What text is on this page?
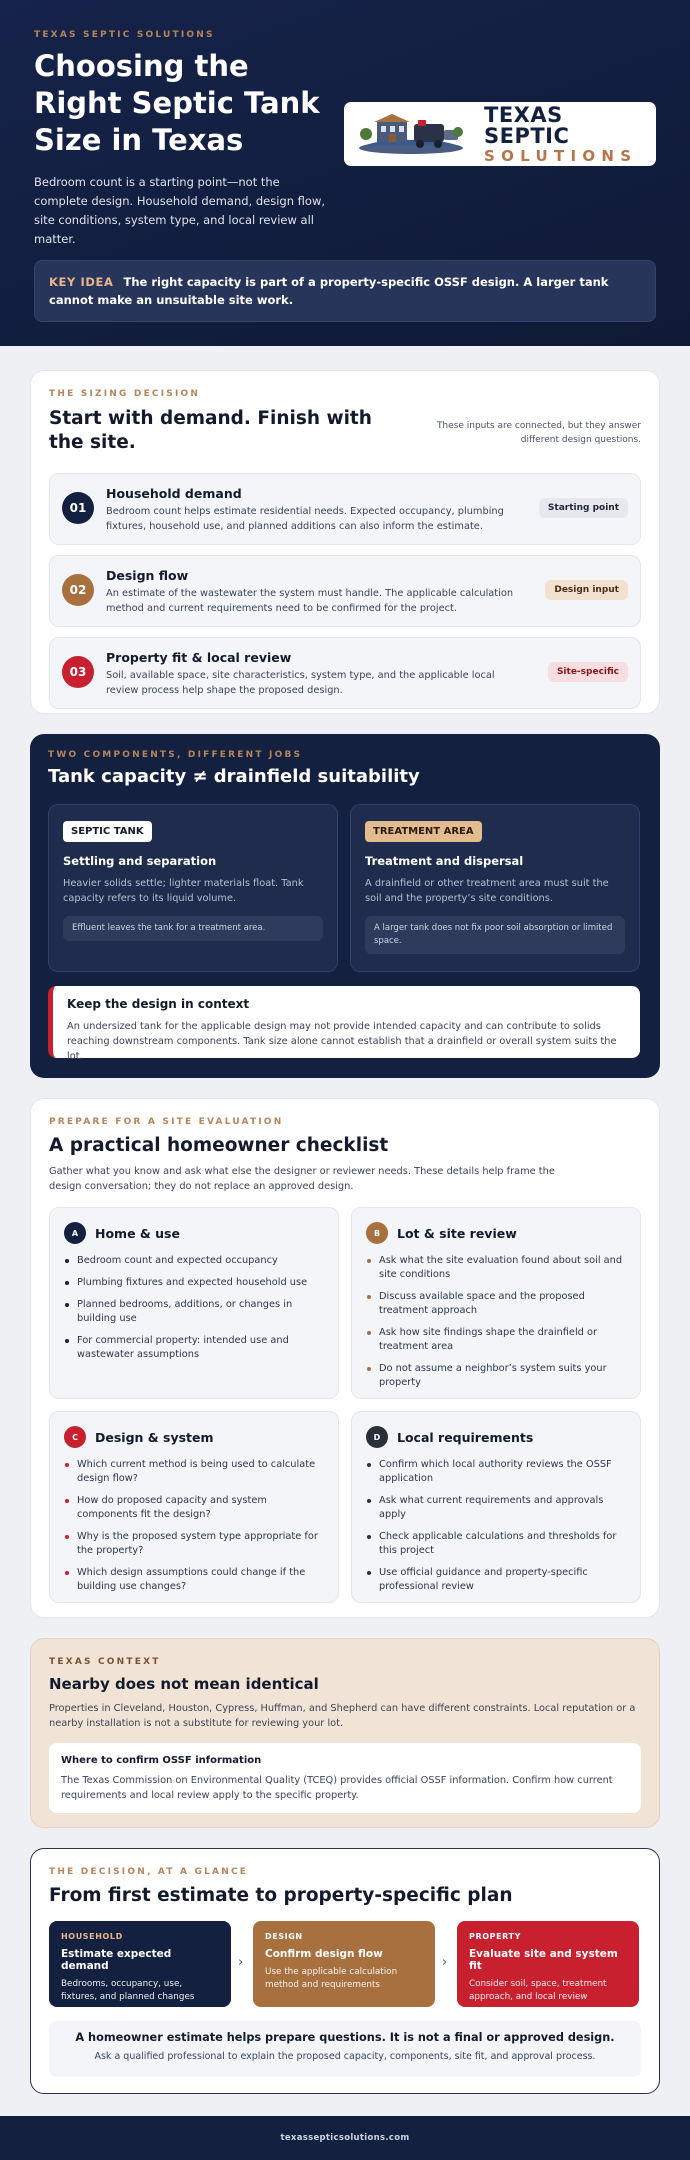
TEXAS SEPTIC SOLUTIONS
Choosing the Right Septic Tank Size in Texas

Bedroom count is a starting point—not the complete design. Household demand, design flow, site conditions, system type, and local review all matter.

TEXAS SEPTIC
SOLUTIONS
KEY IDEA The right capacity is part of a property-specific OSSF design. A larger tank cannot make an unsuitable site work.
THE SIZING DECISION
Start with demand. Finish with the site.

These inputs are connected, but they answer different design questions.

01
Household demand
Bedroom count helps estimate residential needs. Expected occupancy, plumbing fixtures, household use, and planned additions can also inform the estimate.
Starting point
02
Design flow
An estimate of the wastewater the system must handle. The applicable calculation method and current requirements need to be confirmed for the project.
Design input
03
Property fit & local review
Soil, available space, site characteristics, system type, and the applicable local review process help shape the proposed design.
Site-specific
TWO COMPONENTS, DIFFERENT JOBS
Tank capacity ≠ drainfield suitability
SEPTIC TANK
Settling and separation
Heavier solids settle; lighter materials float. Tank capacity refers to its liquid volume.
Effluent leaves the tank for a treatment area.
TREATMENT AREA
Treatment and dispersal
A drainfield or other treatment area must suit the soil and the property’s site conditions.
A larger tank does not fix poor soil absorption or limited space.
Keep the design in context
An undersized tank for the applicable design may not provide intended capacity and can contribute to solids reaching downstream components. Tank size alone cannot establish that a drainfield or overall system suits the lot.
PREPARE FOR A SITE EVALUATION
A practical homeowner checklist

Gather what you know and ask what else the designer or reviewer needs. These details help frame the design conversation; they do not replace an approved design.

A	Home & use
Bedroom count and expected occupancy
Plumbing fixtures and expected household use
Planned bedrooms, additions, or changes in building use
For commercial property: intended use and wastewater assumptions
B	Lot & site review
Ask what the site evaluation found about soil and site conditions
Discuss available space and the proposed treatment approach
Ask how site findings shape the drainfield or treatment area
Do not assume a neighbor’s system suits your property
C	Design & system
Which current method is being used to calculate design flow?
How do proposed capacity and system components fit the design?
Why is the proposed system type appropriate for the property?
Which design assumptions could change if the building use changes?
D	Local requirements
Confirm which local authority reviews the OSSF application
Ask what current requirements and approvals apply
Check applicable calculations and thresholds for this project
Use official guidance and property-specific professional review
TEXAS CONTEXT
Nearby does not mean identical

Properties in Cleveland, Houston, Cypress, Huffman, and Shepherd can have different constraints. Local reputation or a nearby installation is not a substitute for reviewing your lot.

Where to confirm OSSF information
The Texas Commission on Environmental Quality (TCEQ) provides official OSSF information. Confirm how current requirements and local review apply to the specific property.
THE DECISION, AT A GLANCE
From first estimate to property-specific plan
HOUSEHOLD
Estimate expected demand
Bedrooms, occupancy, use, fixtures, and planned changes
›
DESIGN
Confirm design flow
Use the applicable calculation method and requirements
›
PROPERTY
Evaluate site and system fit
Consider soil, space, treatment approach, and local review
A homeowner estimate helps prepare questions. It is not a final or approved design.
Ask a qualified professional to explain the proposed capacity, components, site fit, and approval process.
texassepticsolutions.com
